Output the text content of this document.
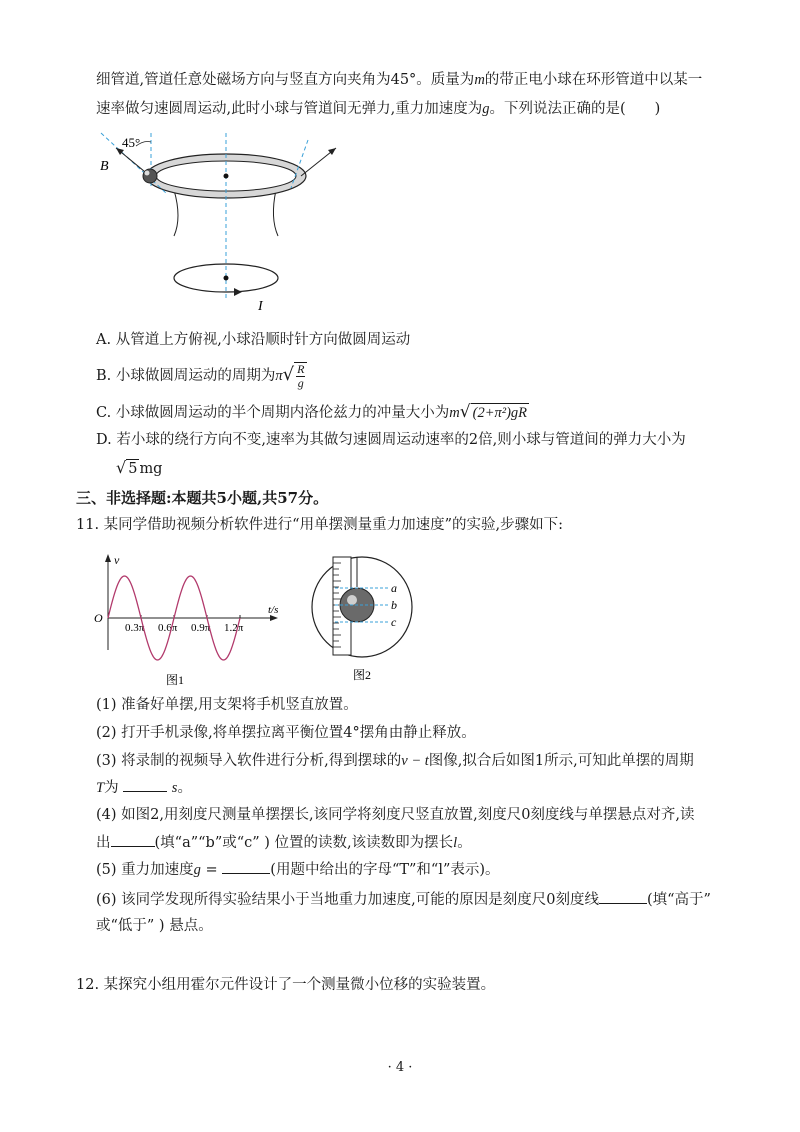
细管道,管道任意处磁场方向与竖直方向夹角为45°。质量为m的带正电小球在环形管道中以某一
速率做匀速圆周运动,此时小球与管道间无弹力,重力加速度为g。下列说法正确的是(　　)
45°
B
I
A. 从管道上方俯视,小球沿顺时针方向做圆周运动
B. 小球做圆周运动的周期为$\pi√ \frac{R}{g}$
C. 小球做圆周运动的半个周期内洛伦兹力的冲量大小为m√ (2+π²)gR
D. 若小球的绕行方向不变,速率为其做匀速圆周运动速率的2倍,则小球与管道间的弹力大小为
√ 5 mg
三、非选择题:本题共5小题,共57分。
11. 某同学借助视频分析软件进行“用单摆测量重力加速度”的实验,步骤如下:
v
t/s
O
0.3π 0.6π 0.9π 1.2π
图1
a
b
c
图2
(1) 准备好单摆,用支架将手机竖直放置。
(2) 打开手机录像,将单摆拉离平衡位置4°摆角由静止释放。
(3) 将录制的视频导入软件进行分析,得到摆球的v − t图像,拟合后如图1所示,可知此单摆的周期
T为	s。
(4) 如图2,用刻度尺测量单摆摆长,该同学将刻度尺竖直放置,刻度尺0刻度线与单摆悬点对齐,读
出	(填“a”“b”或“c” ) 位置的读数,该读数即为摆长l。
(5) 重力加速度g =	(用题中给出的字母“T”和“l”表示)。
(6) 该同学发现所得实验结果小于当地重力加速度,可能的原因是刻度尺0刻度线	(填“高于”
或“低于” ) 悬点。
12. 某探究小组用霍尔元件设计了一个测量微小位移的实验装置。
· 4 ·
